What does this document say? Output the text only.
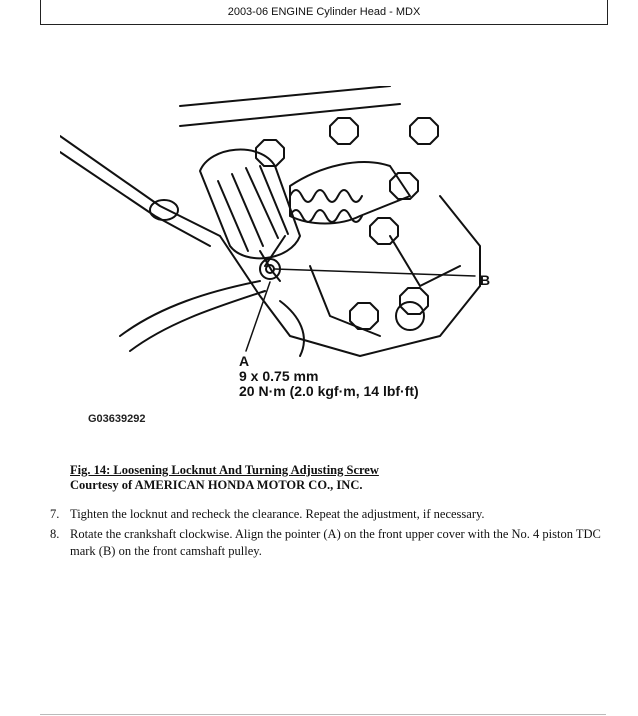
2003-06 ENGINE Cylinder Head - MDX
A
B
9 x 0.75 mm
20 N·m (2.0 kgf·m, 14 lbf·ft)
G03639292
Fig. 14: Loosening Locknut And Turning Adjusting Screw
Courtesy of AMERICAN HONDA MOTOR CO., INC.
7. Tighten the locknut and recheck the clearance. Repeat the adjustment, if necessary.
8. Rotate the crankshaft clockwise. Align the pointer (A) on the front upper cover with the No. 4 piston TDC mark (B) on the front camshaft pulley.
